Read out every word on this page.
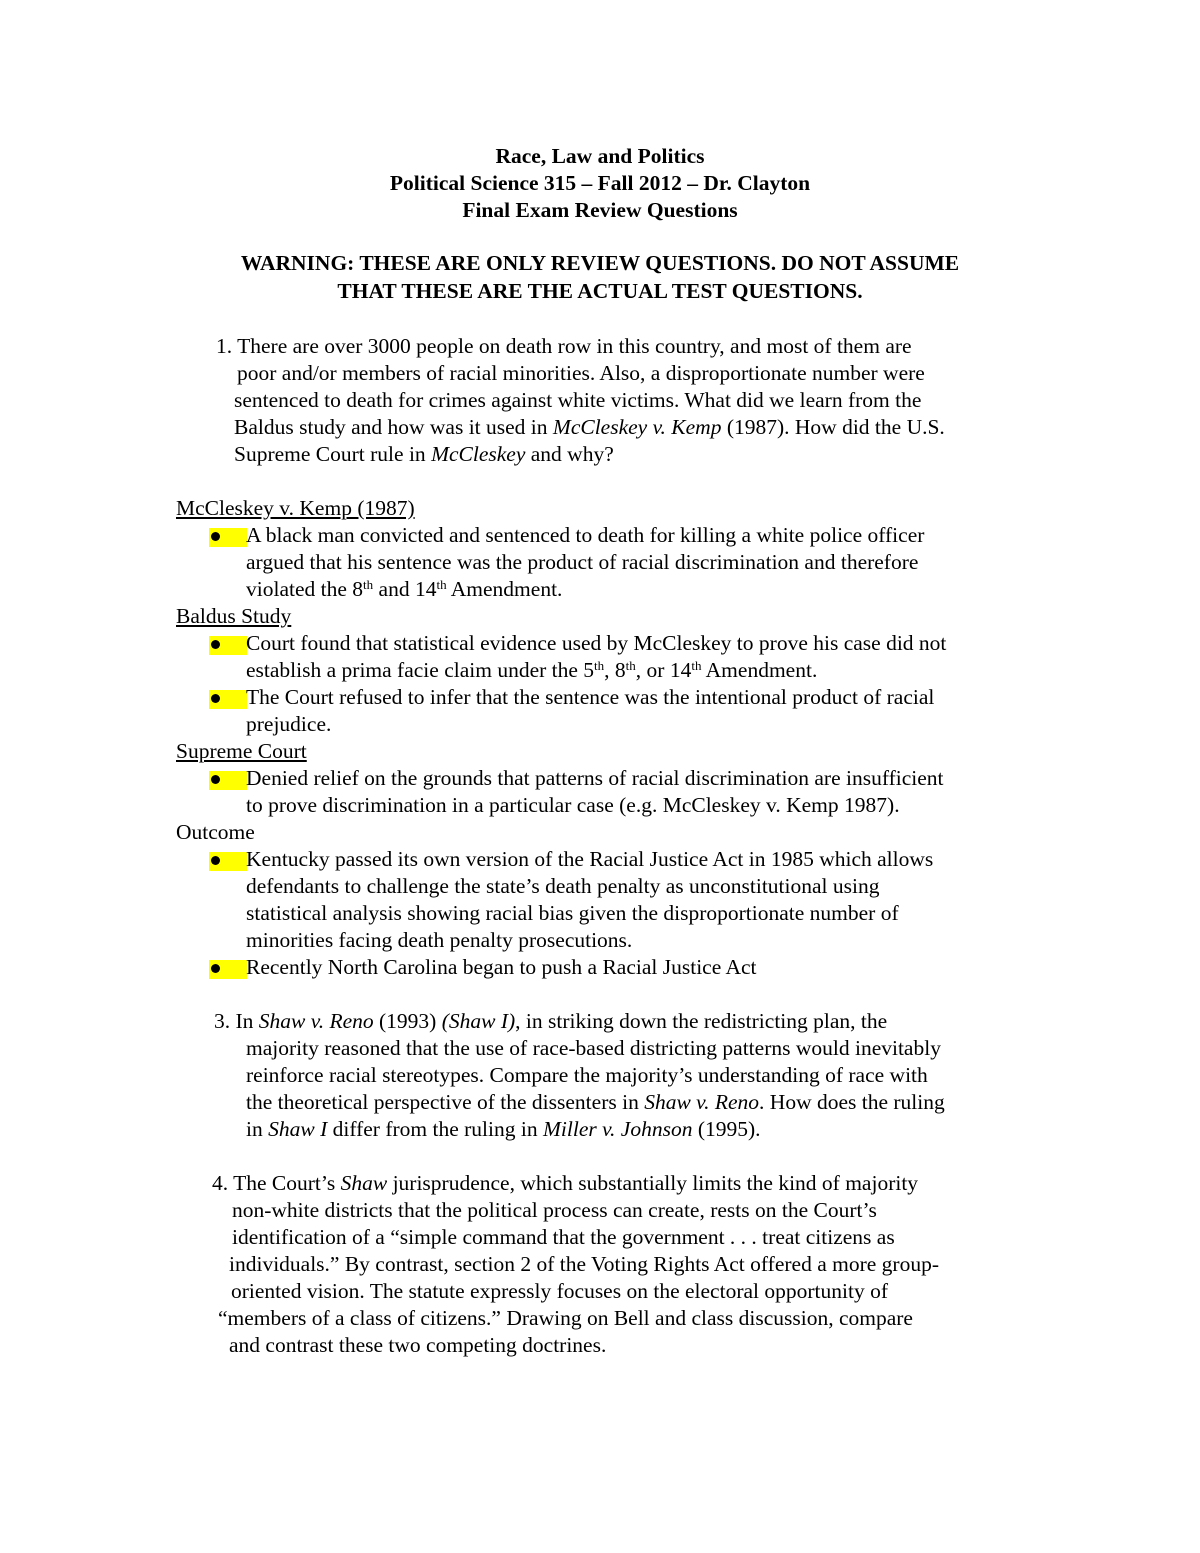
Race, Law and Politics
Political Science 315 – Fall 2012 – Dr. Clayton
Final Exam Review Questions
WARNING: THESE ARE ONLY REVIEW QUESTIONS. DO NOT ASSUME
THAT THESE ARE THE ACTUAL TEST QUESTIONS.
1. There are over 3000 people on death row in this country, and most of them are
poor and/or members of racial minorities. Also, a disproportionate number were
sentenced to death for crimes against white victims. What did we learn from the
Baldus study and how was it used in McCleskey v. Kemp (1987). How did the U.S.
Supreme Court rule in McCleskey and why?
McCleskey v. Kemp (1987)
A black man convicted and sentenced to death for killing a white police officer
argued that his sentence was the product of racial discrimination and therefore
violated the 8th and 14th Amendment.
Baldus Study
Court found that statistical evidence used by McCleskey to prove his case did not
establish a prima facie claim under the 5th, 8th, or 14th Amendment.
The Court refused to infer that the sentence was the intentional product of racial
prejudice.
Supreme Court
Denied relief on the grounds that patterns of racial discrimination are insufficient
to prove discrimination in a particular case (e.g. McCleskey v. Kemp 1987).
Outcome
Kentucky passed its own version of the Racial Justice Act in 1985 which allows
defendants to challenge the state’s death penalty as unconstitutional using
statistical analysis showing racial bias given the disproportionate number of
minorities facing death penalty prosecutions.
Recently North Carolina began to push a Racial Justice Act
3. In Shaw v. Reno (1993) (Shaw I), in striking down the redistricting plan, the
majority reasoned that the use of race-based districting patterns would inevitably
reinforce racial stereotypes. Compare the majority’s understanding of race with
the theoretical perspective of the dissenters in Shaw v. Reno. How does the ruling
in Shaw I differ from the ruling in Miller v. Johnson (1995).
4. The Court’s Shaw jurisprudence, which substantially limits the kind of majority
non-white districts that the political process can create, rests on the Court’s
identification of a “simple command that the government . . . treat citizens as
individuals.” By contrast, section 2 of the Voting Rights Act offered a more group-
oriented vision. The statute expressly focuses on the electoral opportunity of
“members of a class of citizens.” Drawing on Bell and class discussion, compare
and contrast these two competing doctrines.
